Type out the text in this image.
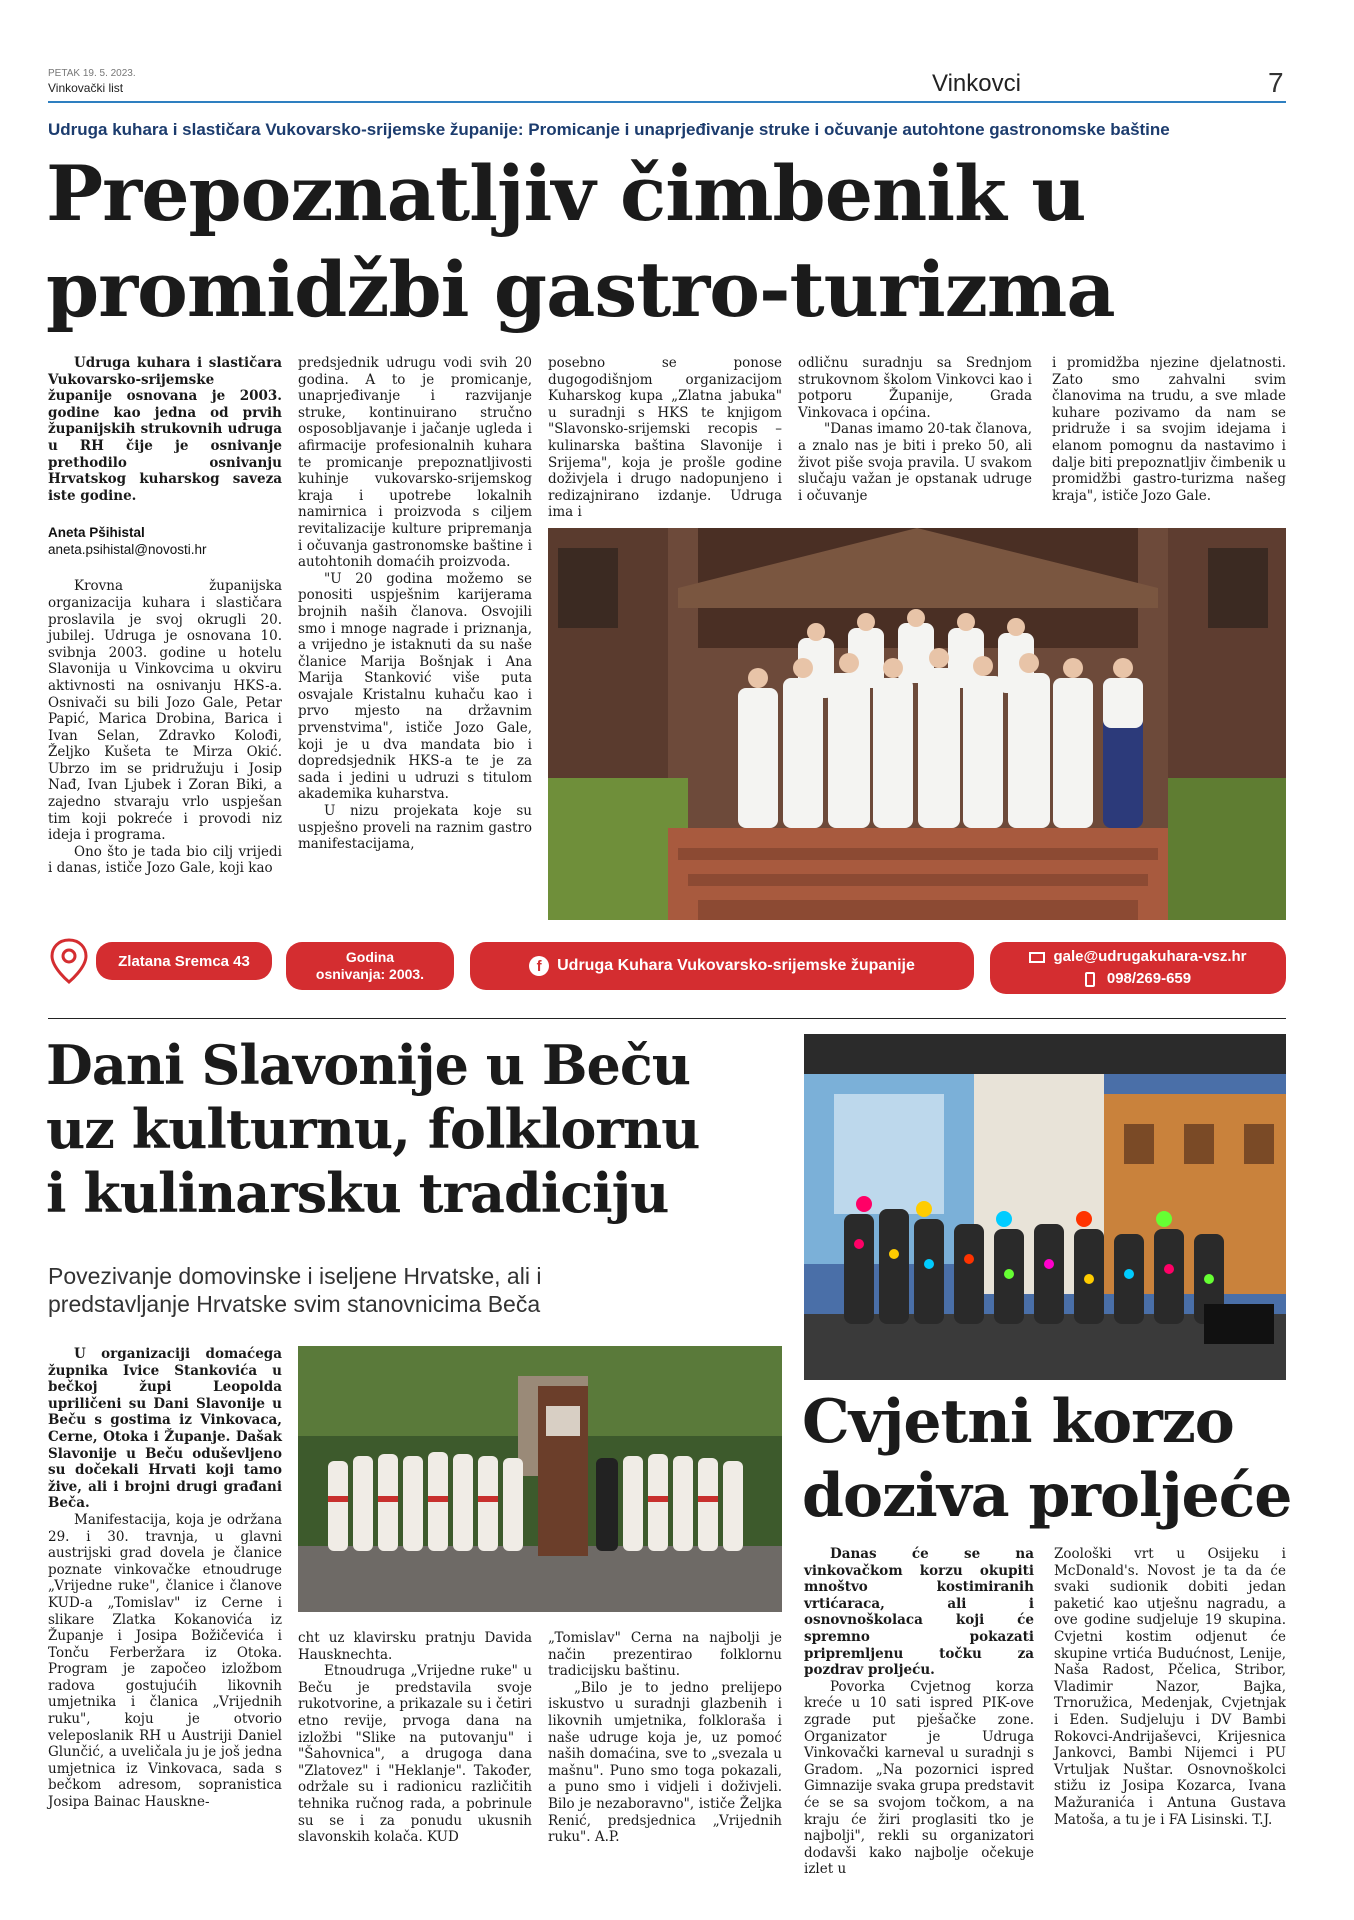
PETAK 19. 5. 2023.
Vinkovački list	Vinkovci	7
Udruga kuhara i slastičara Vukovarsko-srijemske županije: Promicanje i unaprjeđivanje struke i očuvanje autohtone gastronomske baštine
Prepoznatljiv čimbenik u
promidžbi gastro-turizma

Udruga kuhara i slastičara Vukovarsko-srijemske županije osnovana je 2003. godine kao jedna od prvih županijskih strukovnih udruga u RH čije je osnivanje prethodilo osnivanju Hrvatskog kuharskog saveza iste godine.

Aneta Pšihistal
aneta.psihistal@novosti.hr

Krovna županijska organizacija kuhara i slastičara proslavila je svoj okrugli 20. jubilej. Udruga je osnovana 10. svibnja 2003. godine u hotelu Slavonija u Vinkovcima u okviru aktivnosti na osnivanju HKS-a. Osnivači su bili Jozo Gale, Petar Papić, Marica Drobina, Barica i Ivan Selan, Zdravko Kolođi, Željko Kušeta te Mirza Okić. Ubrzo im se pridružuju i Josip Nađ, Ivan Ljubek i Zoran Biki, a zajedno stvaraju vrlo uspješan tim koji pokreće i provodi niz ideja i programa.

Ono što je tada bio cilj vrijedi i danas, ističe Jozo Gale, koji kao

predsjednik udrugu vodi svih 20 godina. A to je promicanje, unaprjeđivanje i razvijanje struke, kontinuirano stručno osposobljavanje i jačanje ugleda i afirmacije profesionalnih kuhara te promicanje prepoznatljivosti kuhinje vukovarsko-srijemskog kraja i upotrebe lokalnih namirnica i proizvoda s ciljem revitalizacije kulture pripremanja i očuvanja gastronomske baštine i autohtonih domaćih proizvoda.

"U 20 godina možemo se ponositi uspješnim karijerama brojnih naših članova. Osvojili smo i mnoge nagrade i priznanja, a vrijedno je istaknuti da su naše članice Marija Bošnjak i Ana Marija Stanković više puta osvajale Kristalnu kuhaču kao i prvo mjesto na državnim prvenstvima", ističe Jozo Gale, koji je u dva mandata bio i dopredsjednik HKS-a te je za sada i jedini u udruzi s titulom akademika kuharstva.

U nizu projekata koje su uspješno proveli na raznim gastro manifestacijama,

posebno se ponose dugogodišnjom organizacijom Kuharskog kupa „Zlatna jabuka" u suradnji s HKS te knjigom "Slavonsko-srijemski recopis – kulinarska baština Slavonije i Srijema", koja je prošle godine doživjela i drugo nadopunjeno i redizajnirano izdanje. Udruga ima i

odličnu suradnju sa Srednjom strukovnom školom Vinkovci kao i potporu Županije, Grada Vinkovaca i općina.

"Danas imamo 20-tak članova, a znalo nas je biti i preko 50, ali život piše svoja pravila. U svakom slučaju važan je opstanak udruge i očuvanje

i promidžba njezine djelatnosti. Zato smo zahvalni svim članovima na trudu, a sve mlade kuhare pozivamo da nam se pridruže i sa svojim idejama i elanom pomognu da nastavimo i dalje biti prepoznatljiv čimbenik u promidžbi gastro-turizma našeg kraja", ističe Jozo Gale.

Zlatana Sremca 43	Godina
osnivanja: 2003.	f Udruga Kuhara Vukovarsko-srijemske županije
gale@udrugakuhara-vsz.hr
098/269-659
Dani Slavonije u Beču
uz kulturnu, folklornu
i kulinarsku tradiciju
Povezivanje domovinske i iseljene Hrvatske, ali i
predstavljanje Hrvatske svim stanovnicima Beča

U organizaciji domaćega župnika Ivice Stankovića u bečkoj župi Leopolda upriličeni su Dani Slavonije u Beču s gostima iz Vinkovaca, Cerne, Otoka i Županje. Dašak Slavonije u Beču oduševljeno su dočekali Hrvati koji tamo žive, ali i brojni drugi građani Beča.

Manifestacija, koja je održana 29. i 30. travnja, u glavni austrijski grad dovela je članice poznate vinkovačke etnoudruge „Vrijedne ruke", članice i članove KUD-a „Tomislav" iz Cerne i slikare Zlatka Kokanovića iz Županje i Josipa Božičevića i Tonču Ferberžara iz Otoka. Program je započeo izložbom radova gostujućih likovnih umjetnika i članica „Vrijednih ruku", koju je otvorio veleposlanik RH u Austriji Daniel Glunčić, a uveličala ju je još jedna umjetnica iz Vinkovaca, sada s bečkom adresom, sopranistica Josipa Bainac Hauskne-

cht uz klavirsku pratnju Davida Hausknechta.

Etnoudruga „Vrijedne ruke" u Beču je predstavila svoje rukotvorine, a prikazale su i četiri etno revije, prvoga dana na izložbi "Slike na putovanju" i "Šahovnica", a drugoga dana "Zlatovez" i "Heklanje". Također, održale su i radionicu različitih tehnika ručnog rada, a pobrinule su se i za ponudu ukusnih slavonskih kolača. KUD

„Tomislav" Cerna na najbolji je način prezentirao folklornu tradicijsku baštinu.

„Bilo je to jedno prelijepo iskustvo u suradnji glazbenih i likovnih umjetnika, folkloraša i naše udruge koja je, uz pomoć naših domaćina, sve to „svezala u mašnu". Puno smo toga pokazali, a puno smo i vidjeli i doživjeli. Bilo je nezaboravno", ističe Željka Renić, predsjednica „Vrijednih ruku". A.P.

Cvjetni korzo
doziva proljeće

Danas će se na vinkovačkom korzu okupiti mnoštvo kostimiranih vrtićaraca, ali i osnovnoškolaca koji će spremno pokazati pripremljenu točku za pozdrav proljeću.

Povorka Cvjetnog korza kreće u 10 sati ispred PIK-ove zgrade put pješačke zone. Organizator je Udruga Vinkovački karneval u suradnji s Gradom. „Na pozornici ispred Gimnazije svaka grupa predstavit će se sa svojom točkom, a na kraju će žiri proglasiti tko je najbolji", rekli su organizatori dodavši kako najbolje očekuje izlet u

Zoološki vrt u Osijeku i McDonald's. Novost je ta da će svaki sudionik dobiti jedan paketić kao utješnu nagradu, a ove godine sudjeluje 19 skupina. Cvjetni kostim odjenut će skupine vrtića Budućnost, Lenije, Naša Radost, Pčelica, Stribor, Vladimir Nazor, Bajka, Trnoružica, Medenjak, Cvjetnjak i Eden. Sudjeluju i DV Bambi Rokovci-Andrijaševci, Krijesnica Jankovci, Bambi Nijemci i PU Vrtuljak Nuštar. Osnovnoškolci stižu iz Josipa Kozarca, Ivana Mažuranića i Antuna Gustava Matoša, a tu je i FA Lisinski. T.J.
